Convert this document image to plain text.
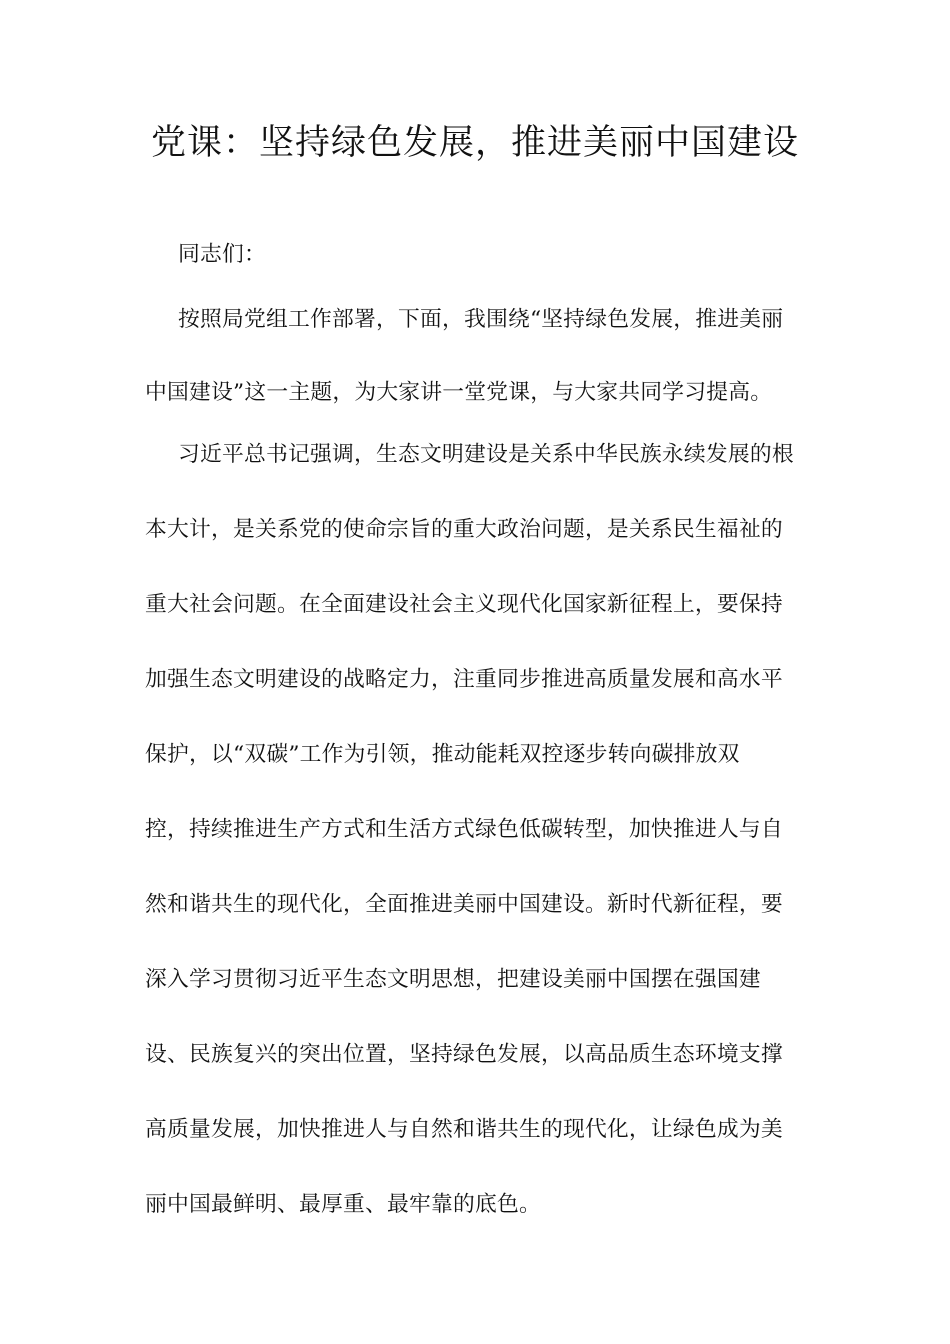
党课：坚持绿色发展，推进美丽中国建设
同志们：
按照局党组工作部署，下面，我围绕“坚持绿色发展，推进美丽
中国建设”这一主题，为大家讲一堂党课，与大家共同学习提高。
习近平总书记强调，生态文明建设是关系中华民族永续发展的根
本大计，是关系党的使命宗旨的重大政治问题，是关系民生福祉的
重大社会问题。在全面建设社会主义现代化国家新征程上，要保持
加强生态文明建设的战略定力，注重同步推进高质量发展和高水平
保护，以“双碳”工作为引领，推动能耗双控逐步转向碳排放双
控，持续推进生产方式和生活方式绿色低碳转型，加快推进人与自
然和谐共生的现代化，全面推进美丽中国建设。新时代新征程，要
深入学习贯彻习近平生态文明思想，把建设美丽中国摆在强国建
设、民族复兴的突出位置，坚持绿色发展，以高品质生态环境支撑
高质量发展，加快推进人与自然和谐共生的现代化，让绿色成为美
丽中国最鲜明、最厚重、最牢靠的底色。
